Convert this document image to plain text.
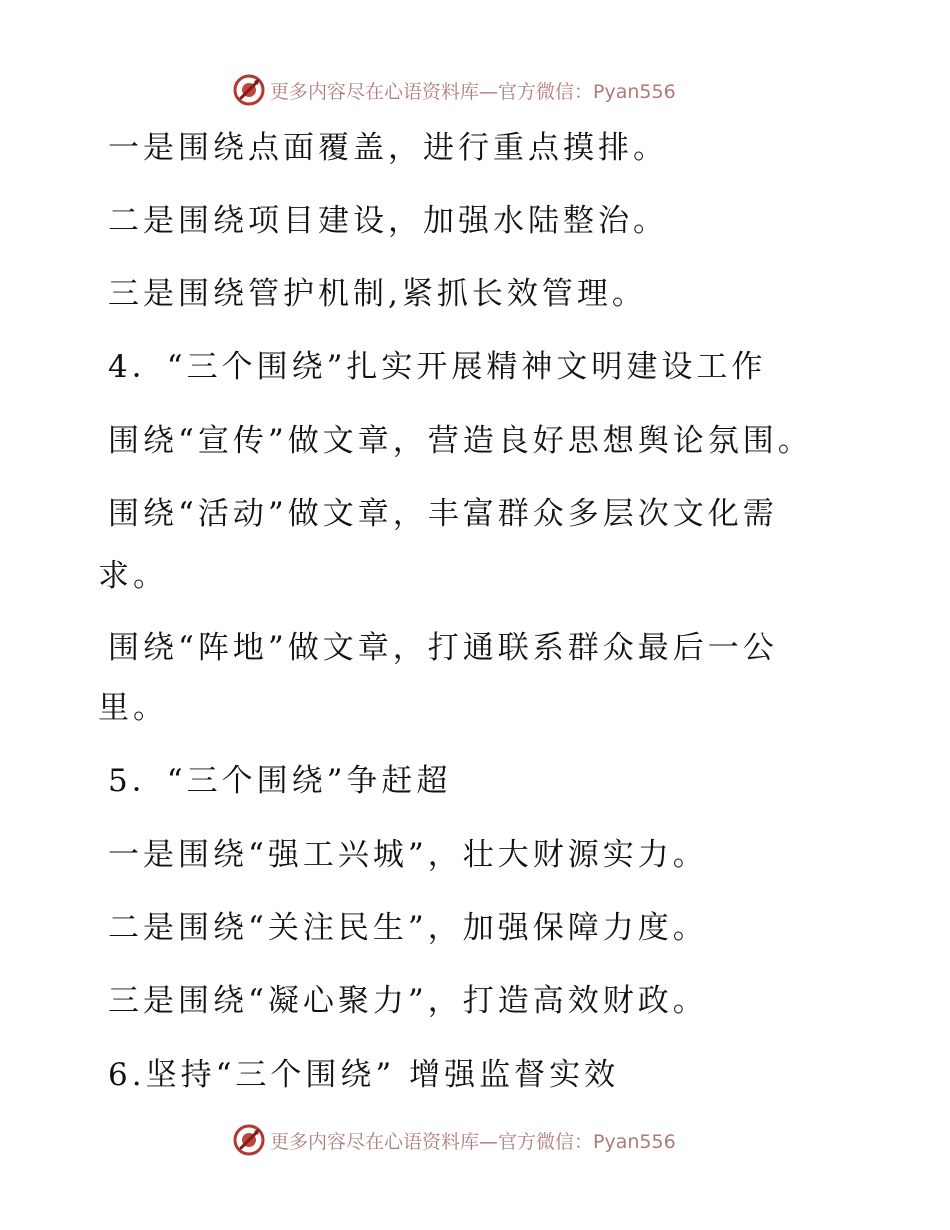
更多内容尽在心语资料库—官方微信：Pyan556
一是围绕点面覆盖，进行重点摸排。
二是围绕项目建设，加强水陆整治。
三是围绕管护机制,紧抓长效管理。
4．“三个围绕”扎实开展精神文明建设工作
围绕“宣传”做文章，营造良好思想舆论氛围。
围绕“活动”做文章，丰富群众多层次文化需
求。
围绕“阵地”做文章，打通联系群众最后一公
里。
5．“三个围绕”争赶超
一是围绕“强工兴城”，壮大财源实力。
二是围绕“关注民生”，加强保障力度。
三是围绕“凝心聚力”，打造高效财政。
6.坚持“三个围绕” 增强监督实效
更多内容尽在心语资料库—官方微信：Pyan556
